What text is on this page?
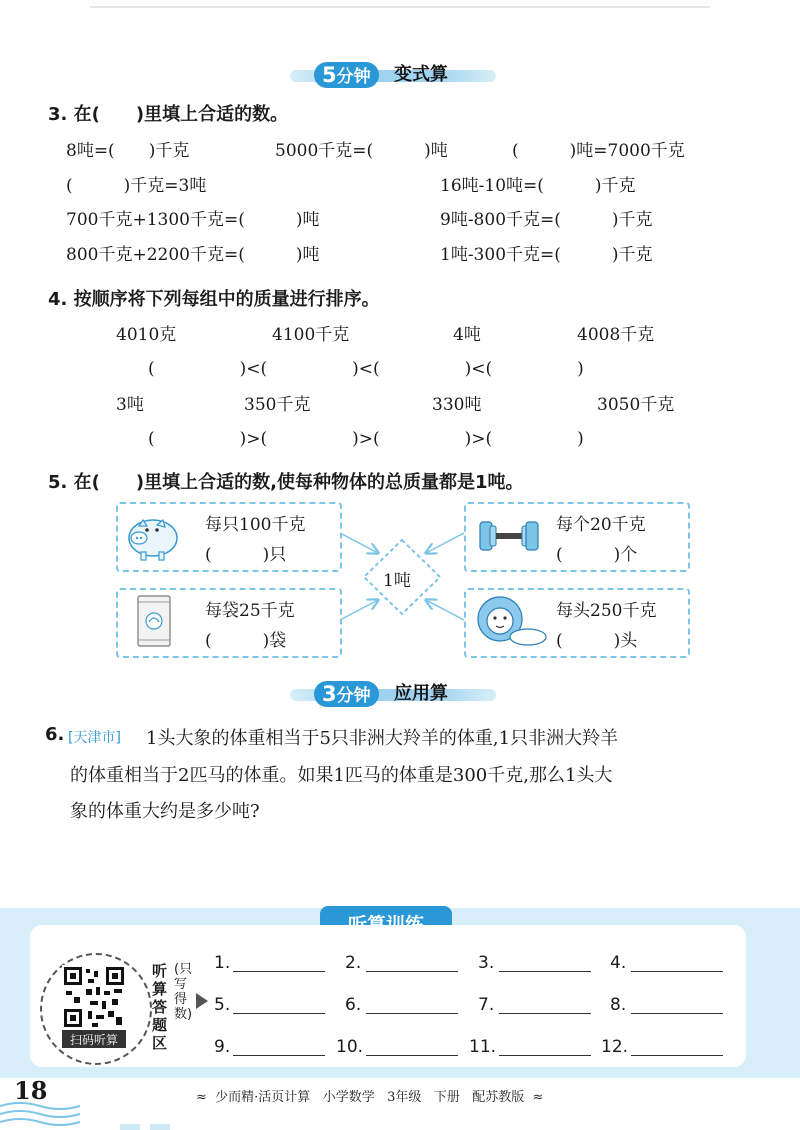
5分钟	变式算
3. 在(　　)里填上合适的数。
8吨=(　　)千克	5000千克=(　　　)吨	(　　　)吨=7000千克
(　　　)千克=3吨	16吨-10吨=(　　　)千克
700千克+1300千克=(　　　)吨	9吨-800千克=(　　　)千克
800千克+2200千克=(　　　)吨	1吨-300千克=(　　　)千克
4. 按顺序将下列每组中的质量进行排序。
4010克	4100千克	4吨	4008千克
(　　　　　)<(　　　　　)<(　　　　　)<(　　　　　)
3吨	350千克	330吨	3050千克
(　　　　　)>(　　　　　)>(　　　　　)>(　　　　　)
5. 在(　　)里填上合适的数,使每种物体的总质量都是1吨。
1吨
每只100千克
(　　　)只
每个20千克
(　　　)个
每袋25千克
(　　　)袋
每头250千克
(　　　)头
3分钟	应用算
6. [天津市] 1头大象的体重相当于5只非洲大羚羊的体重,1只非洲大羚羊
的体重相当于2匹马的体重。如果1匹马的体重是300千克,那么1头大
象的体重大约是多少吨?
扫码听算
听算答题区
(只写得数)
1.	2.	3.	4.
5.	6.	7.	8.
9.	10.	11.	12.
18	≈  少而精·活页计算 小学数学 3年级 下册 配苏教版  ≈
